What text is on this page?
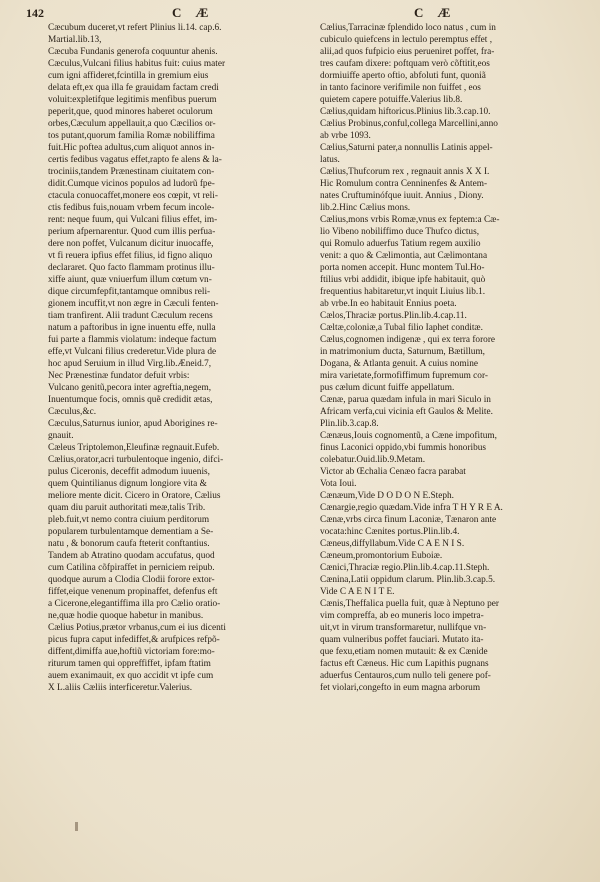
142	CÆ	CÆ

Cæcubum duceret,vt refert Plinius li.14. cap.6.
Martial.lib.13,

Cæcuba Fundanis generofa coquuntur ahenis.

Cæculus,Vulcani filius habitus fuit: cuius mater
cum igni affideret,fcintilla in gremium eius
delata eft,ex qua illa fe grauidam factam credi
voluit:expletifque legitimis menfibus puerum
peperit,que, quod minores haberet oculorum
orbes,Cæculum appellauit,a quo Cæcilios or-
tos putant,quorum familia Romæ nobiliffima
fuit.Hic poftea adultus,cum aliquot annos in-
certis fedibus vagatus effet,rapto fe alens & la-
trociniis,tandem Prænestinam ciuitatem con-
didit.Cumque vicinos populos ad ludorũ fpe-
ctacula conuocaffet,monere eos cœpit, vt reli-
ctis fedibus fuis,nouam vrbem fecum incole-
rent: neque fuum, qui Vulcani filius effet, im-
perium afpernarentur. Quod cum illis perfua-
dere non poffet, Vulcanum dicitur inuocaffe,
vt fi reuera ipfius effet filius, id figno aliquo
declararet. Quo facto flammam protinus illu-
xiffe aiunt, quæ vniuerfum illum cœtum vn-
dique circumfepfit,tantamque omnibus reli-
gionem incuffit,vt non ægre in Cæculi fenten-
tiam tranfirent. Alii tradunt Cæculum recens
natum a paftoribus in igne inuentu effe, nulla
fui parte a flammis violatum: indeque factum
effe,vt Vulcani filius crederetur.Vide plura de
hoc apud Seruium in illud Virg.lib.Æneid.7,
Nec Prænestinæ fundator defuit vrbis:
Vulcano genitũ,pecora inter agreftia,negem,
Inuentumque focis, omnis quẽ credidit ætas,
Cæculus,&c.

Cæculus,Saturnus iunior, apud Aborigines re-
gnauit.

Cæleus Triptolemon,Eleufinæ regnauit.Eufeb.

Cælius,orator,acri turbulentoque ingenio, difci-
pulus Ciceronis, deceffit admodum iuuenis,
quem Quintilianus dignum longiore vita &
meliore mente dicit. Cicero in Oratore, Cælius
quam diu paruit authoritati meæ,talis Trib.
pleb.fuit,vt nemo contra ciuium perditorum
popularem turbulentamque dementiam a Se-
natu , & bonorum caufa fteterit conftantius.
Tandem ab Atratino quodam accufatus, quod
cum Catilina cõfpiraffet in perniciem reipub.
quodque aurum a Clodia Clodii forore extor-
fiffet,eique venenum propinaffet, defenfus eft
a Cicerone,elegantiffima illa pro Cælio oratio-
ne,quæ hodie quoque habetur in manibus.

Cælius Potius,prætor vrbanus,cum ei ius dicenti
picus fupra caput infediffet,& arufpices refpõ-
diffent,dimiffa aue,hoftiũ victoriam fore:mo-
riturum tamen qui oppreffiffet, ipfam ftatim
auem exanimauit, ex quo accidit vt ipfe cum
X L.aliis Cæliis interficeretur.Valerius.

Cælius,Tarracinæ fplendido loco natus , cum in
cubiculo quiefcens in lectulo peremptus effet ,
alii,ad quos fufpicio eius perueniret poffet, fra-
tres caufam dixere: poftquam verò cõftitit,eos
dormiuiffe aperto oftio, abfoluti funt, quoniã
in tanto facinore verifimile non fuiffet , eos
quietem capere potuiffe.Valerius lib.8.

Cælius,quidam hiftoricus.Plinius lib.3.cap.10.

Cælius Probinus,conful,collega Marcellini,anno
ab vrbe 1093.

Cælius,Saturni pater,a nonnullis Latinis appel-
latus.

Cælius,Thufcorum rex , regnauit annis X X I.
Hic Romulum contra Cenninenfes & Antem-
nates Cruftuminófque iuuit. Annius , Diony.
lib.2.Hinc Cælius mons.

Cælius,mons vrbis Romæ,vnus ex feptem:a Cæ-
lio Vibeno nobiliffimo duce Thufco dictus,
qui Romulo aduerfus Tatium regem auxilio
venit: a quo & Cælimontia, aut Cælimontana
porta nomen accepit. Hunc montem Tul.Ho-
ftilius vrbi addidit, ibique ipfe habitauit, quò
frequentius habitaretur,vt inquit Liuius lib.1.
ab vrbe.In eo habitauit Ennius poeta.

Cælos,Thraciæ portus.Plin.lib.4.cap.11.

Cæltæ,coloniæ,a Tubal filio Iaphet conditæ.

Cælus,cognomen indigenæ , qui ex terra forore
in matrimonium ducta, Saturnum, Bætillum,
Dogana, & Atlanta genuit. A cuius nomine
mira varietate,formofiffimum fupremum cor-
pus cælum dicunt fuiffe appellatum.

Cænæ, parua quædam infula in mari Siculo in
Africam verfa,cui vicinia eft Gaulos & Melite.
Plin.lib.3.cap.8.

Cænæus,Iouis cognomentũ, a Cæne impofitum,
finus Laconici oppido,vbi fummis honoribus
colebatur.Ouid.lib.9.Metam.

Victor ab Œchalia Cenæo facra parabat
Vota Ioui.

Cænæum,Vide D O D O N E.Steph.

Cænargie,regio quædam.Vide infra T H Y R E A.

Cænæ,vrbs circa finum Laconiæ, Tænaron ante
vocata:hinc Cænites portus.Plin.lib.4.

Cæneus,diffyllabum.Vide C A E N I S.

Cæneum,promontorium Euboiæ.

Cænici,Thraciæ regio.Plin.lib.4.cap.11.Steph.

Cænina,Latii oppidum clarum. Plin.lib.3.cap.5.
Vide C A E N I T E.

Cænis,Theffalica puella fuit, quæ à Neptuno per
vim compreffa, ab eo muneris loco impetra-
uit,vt in virum transformaretur, nullifque vn-
quam vulneribus poffet fauciari. Mutato ita-
que fexu,etiam nomen mutauit: & ex Cænide
factus eft Cæneus. Hic cum Lapithis pugnans
aduerfus Centauros,cum nullo teli genere pof-
fet violari,congefto in eum magna arborum
